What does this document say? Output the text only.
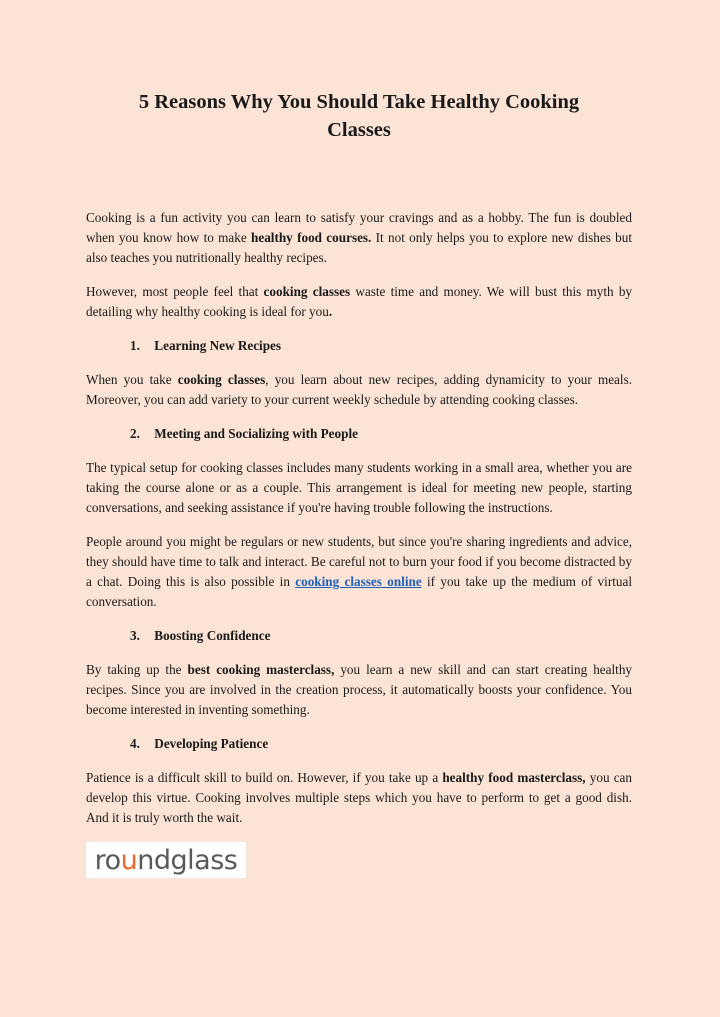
5 Reasons Why You Should Take Healthy Cooking Classes

Cooking is a fun activity you can learn to satisfy your cravings and as a hobby. The fun is doubled when you know how to make healthy food courses. It not only helps you to explore new dishes but also teaches you nutritionally healthy recipes.

However, most people feel that cooking classes waste time and money. We will bust this myth by detailing why healthy cooking is ideal for you.

1. Learning New Recipes

When you take cooking classes, you learn about new recipes, adding dynamicity to your meals. Moreover, you can add variety to your current weekly schedule by attending cooking classes.

2. Meeting and Socializing with People

The typical setup for cooking classes includes many students working in a small area, whether you are taking the course alone or as a couple. This arrangement is ideal for meeting new people, starting conversations, and seeking assistance if you're having trouble following the instructions.

People around you might be regulars or new students, but since you're sharing ingredients and advice, they should have time to talk and interact. Be careful not to burn your food if you become distracted by a chat. Doing this is also possible in cooking classes online if you take up the medium of virtual conversation.

3. Boosting Confidence

By taking up the best cooking masterclass, you learn a new skill and can start creating healthy recipes. Since you are involved in the creation process, it automatically boosts your confidence. You become interested in inventing something.

4. Developing Patience

Patience is a difficult skill to build on. However, if you take up a healthy food masterclass, you can develop this virtue. Cooking involves multiple steps which you have to perform to get a good dish. And it is truly worth the wait.

ro u ndglass
